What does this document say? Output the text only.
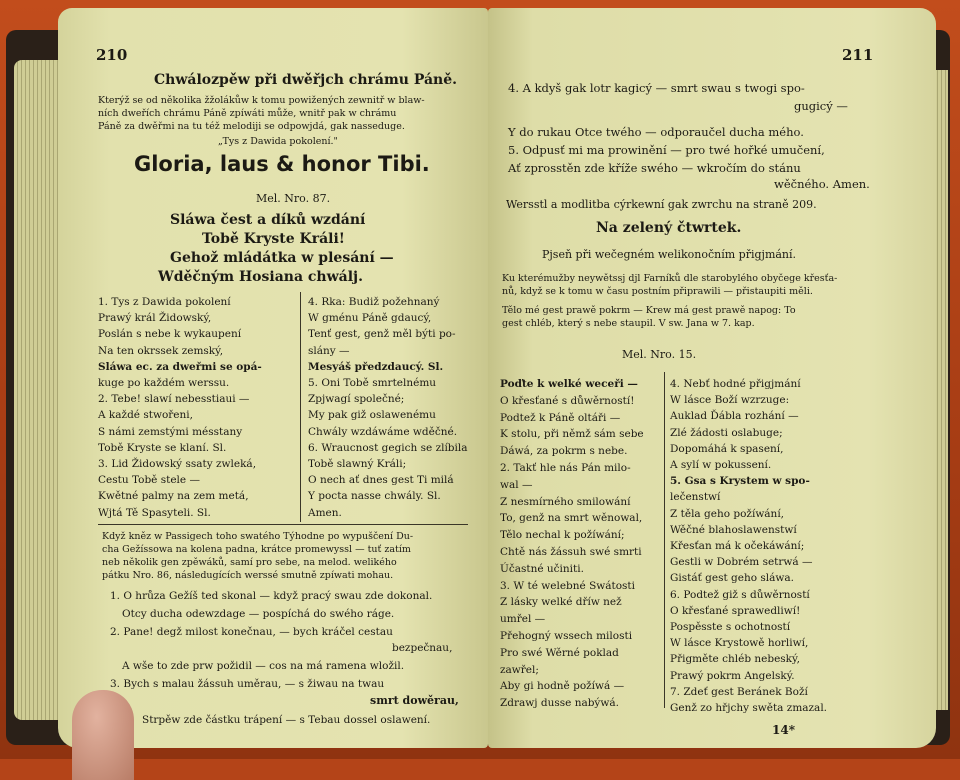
210
Chwálozpěw při dwěřjch chrámu Páně.
Kterýž se od několika žžolákůw k tomu powižených zewnitř w blaw-
ních dweřích chrámu Páně zpíwáti může, wnitř pak w chrámu
Páně za dwěřmi na tu též melodiji se odpowjdá, gak nasseduge.
„Tys z Dawida pokolení."
Gloria, laus & honor Tibi.
Mel. Nro. 87.
Sláwa čest a díků wzdání
Tobě Kryste Králi!
Gehož mládátka w plesání —
Wděčným Hosiana chwálj.
1. Tys z Dawida pokolení
Prawý král Židowský,
Poslán s nebe k wykaupení
Na ten okrssek zemský,
Sláwa ec. za dweřmi se opá-
kuge po každém werssu.
2. Tebe! slawí nebesstiaui —
A každé stwořeni,
S námi zemstými mésstany
Tobě Kryste se klaní. Sl.
3. Lid Židowský ssaty zwleká,
Cestu Tobě stele —
Kwětné palmy na zem metá,
Wjtá Tě Spasyteli. Sl.
4. Rka: Budiž požehnaný
W gménu Páně gdaucý,
Tenť gest, genž měl býti po-
slány —
Mesyáš předzdaucý. Sl.
5. Oni Tobě smrtelnému
Zpjwagí společné;
My pak giž oslawenému
Chwály wzdáwáme wděčné.
6. Wraucnost gegich se zlíbila
Tobě slawný Králi;
O nech ať dnes gest Ti milá
Y pocta nasse chwály. Sl.
Amen.
Když kněz w Passigech toho swatého Týhodne po wypuščení Du-
cha Gežíssowa na kolena padna, krátce promewyssl — tuť zatím
neb několik gen zpěwáků, samí pro sebe, na melod. welikého
pátku Nro. 86, následugících werssé smutně zpíwati mohau.
1. O hrůza Gežíš ted skonal — když pracý swau zde dokonal.
Otcy ducha odewzdage — pospíchá do swého ráge.
2. Pane! degž milost konečnau, — bych kráčel cestau
bezpečnau,
A wše to zde prw požidil — cos na má ramena wložil.
3. Bych s malau žássuh uměrau, — s žiwau na twau
smrt dowěrau,
Strpěw zde částku trápení — s Tebau dossel oslawení.
211
4. A kdyš gak lotr kagicý — smrt swau s twogi spo-
gugicý —
Y do rukau Otce twého — odporaučel ducha mého.
5. Odpusť mi ma prowinění — pro twé hořké umučení,
Ať zprosstěn zde kříže swého — wkročím do stánu
wěčného. Amen.
Wersstl a modlitba cýrkewní gak zwrchu na straně 209.
Na zelený čtwrtek.
Pjseň při wečegném welikonočním přigjmání.
Ku kterémužby neywětssj djl Farníků dle starobylého obyčege křesťa-
nů, když se k tomu w času postním připrawili — přistaupiti měli.
Tělo mé gest prawě pokrm — Krew má gest prawě napog: To
gest chléb, který s nebe staupil. V sw. Jana w 7. kap.
Mel. Nro. 15.
Poďte k welké weceři —
O křesťané s důwěrností!
Podtež k Páně oltáři —
K stolu, při němž sám sebe
Dáwá, za pokrm s nebe.
2. Takť hle nás Pán milo-
wal —
Z nesmírného smilowání
To, genž na smrt wěnowal,
Tělo nechal k požíwání;
Chtě nás žássuh swé smrti
Účastné učiniti.
3. W té welebné Swátosti
Z lásky welké dříw než
umřel —
Přehogný wssech milosti
Pro swé Wěrné poklad
zawřel;
Aby gi hodně požíwá —
Zdrawj dusse nabýwá.
4. Nebť hodné přigjmání
W lásce Boží wzrzuge:
Auklad Ďábla rozhání —
Zlé žádosti oslabuge;
Dopomáhá k spasení,
A sylí w pokussení.
5. Gsa s Krystem w spo-
lečenstwí
Z těla geho požíwání,
Wěčné blahoslawenstwí
Křesťan má k očekáwání;
Gestli w Dobrém setrwá —
Gistáť gest geho sláwa.
6. Podtež giž s důwěrností
O křesťané sprawedliwí!
Pospěsste s ochotností
W lásce Krystowě horliwí,
Přigměte chléb nebeský,
Prawý pokrm Angelský.
7. Zdeť gest Beránek Boží
Genž zo hřjchy swěta zmazal.
14*
